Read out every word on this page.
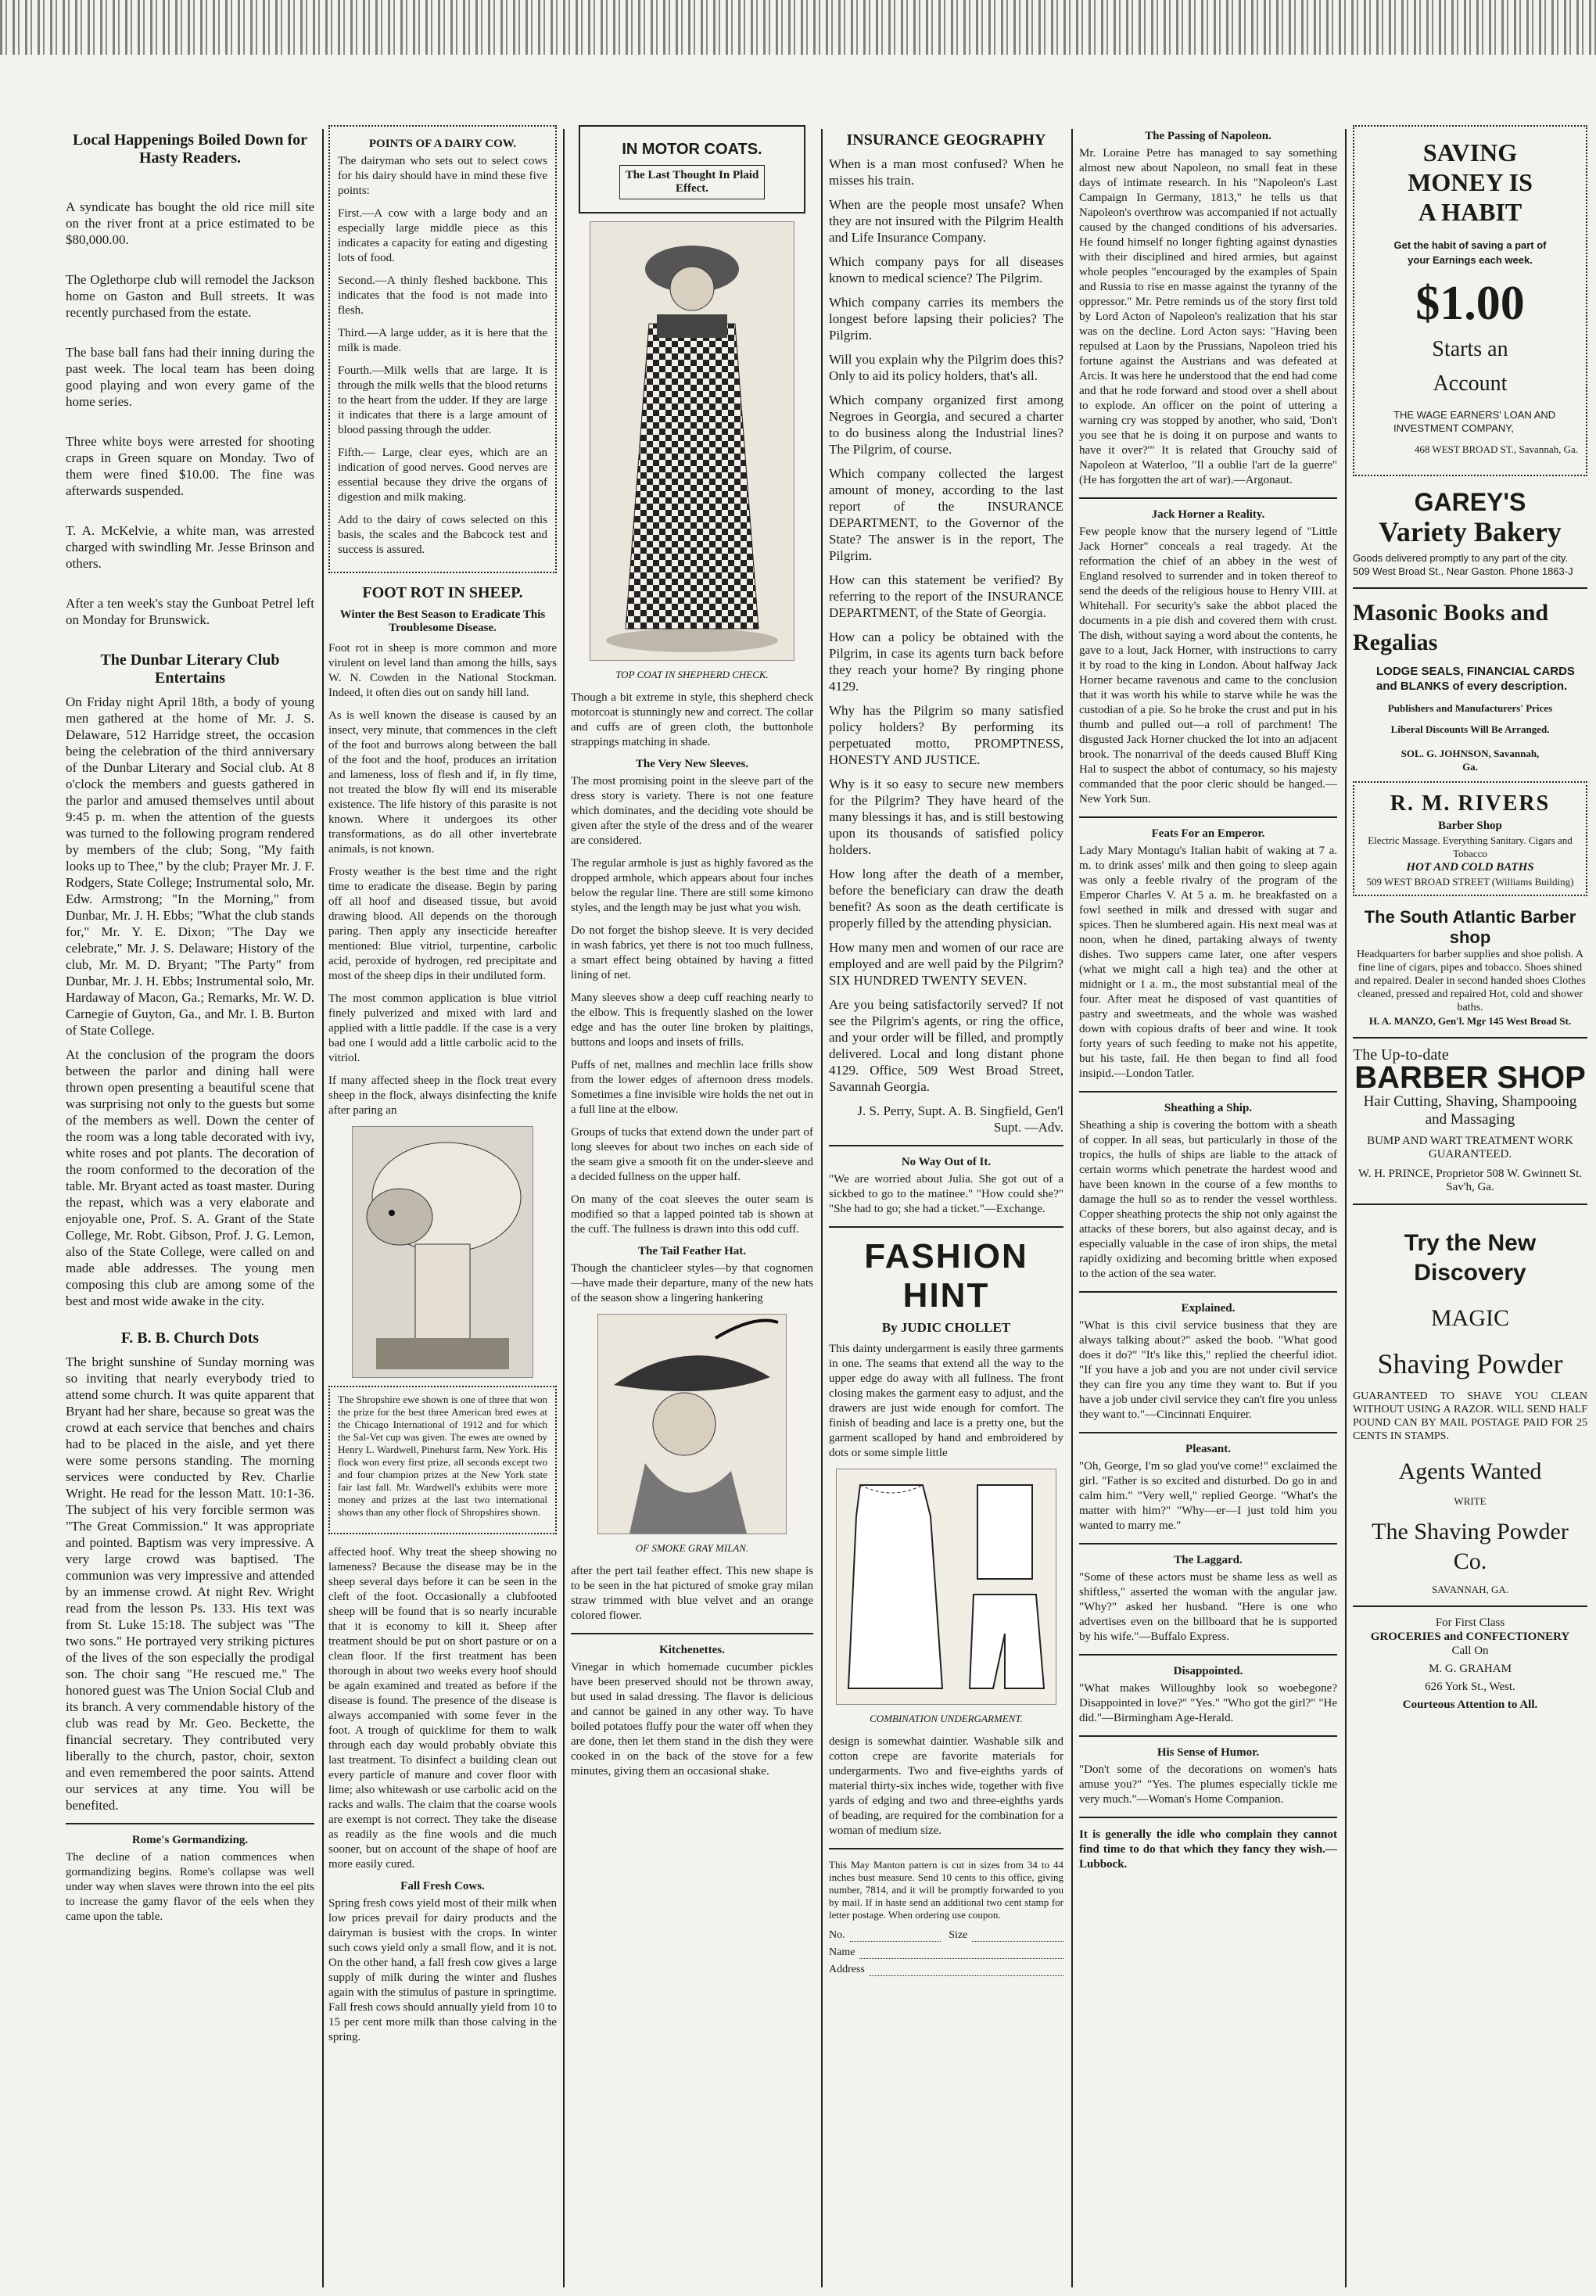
Local Happenings Boiled Down for Hasty Readers.

A syndicate has bought the old rice mill site on the river front at a price estimated to be $80,000.00.

The Oglethorpe club will remodel the Jackson home on Gaston and Bull streets. It was recently purchased from the estate.

The base ball fans had their inning during the past week. The local team has been doing good playing and won every game of the home series.

Three white boys were arrested for shooting craps in Green square on Monday. Two of them were fined $10.00. The fine was afterwards suspended.

T. A. McKelvie, a white man, was arrested charged with swindling Mr. Jesse Brinson and others.

After a ten week's stay the Gunboat Petrel left on Monday for Brunswick.

The Dunbar Literary Club Entertains

On Friday night April 18th, a body of young men gathered at the home of Mr. J. S. Delaware, 512 Harridge street, the occasion being the celebration of the third anniversary of the Dunbar Literary and Social club. At 8 o'clock the members and guests gathered in the parlor and amused themselves until about 9:45 p. m. when the attention of the guests was turned to the following program rendered by members of the club; Song, "My faith looks up to Thee," by the club; Prayer Mr. J. F. Rodgers, State College; Instrumental solo, Mr. Edw. Armstrong; "In the Morning," from Dunbar, Mr. J. H. Ebbs; "What the club stands for," Mr. Y. E. Dixon; "The Day we celebrate," Mr. J. S. Delaware; History of the club, Mr. M. D. Bryant; "The Party" from Dunbar, Mr. J. H. Ebbs; Instrumental solo, Mr. Hardaway of Macon, Ga.; Remarks, Mr. W. D. Carnegie of Guyton, Ga., and Mr. I. B. Burton of State College.

At the conclusion of the program the doors between the parlor and dining hall were thrown open presenting a beautiful scene that was surprising not only to the guests but some of the members as well. Down the center of the room was a long table decorated with ivy, white roses and pot plants. The decoration of the room conformed to the decoration of the table. Mr. Bryant acted as toast master. During the repast, which was a very elaborate and enjoyable one, Prof. S. A. Grant of the State College, Mr. Robt. Gibson, Prof. J. G. Lemon, also of the State College, were called on and made able addresses. The young men composing this club are among some of the best and most wide awake in the city.

F. B. B. Church Dots

The bright sunshine of Sunday morning was so inviting that nearly everybody tried to attend some church. It was quite apparent that Bryant had her share, because so great was the crowd at each service that benches and chairs had to be placed in the aisle, and yet there were some persons standing. The morning services were conducted by Rev. Charlie Wright. He read for the lesson Matt. 10:1-36. The subject of his very forcible sermon was "The Great Commission." It was appropriate and pointed. Baptism was very impressive. A very large crowd was baptised. The communion was very impressive and attended by an immense crowd. At night Rev. Wright read from the lesson Ps. 133. His text was from St. Luke 15:18. The subject was "The two sons." He portrayed very striking pictures of the lives of the son especially the prodigal son. The choir sang "He rescued me." The honored guest was The Union Social Club and its branch. A very commendable history of the club was read by Mr. Geo. Beckette, the financial secretary. They contributed very liberally to the church, pastor, choir, sexton and even remembered the poor saints. Attend our services at any time. You will be benefited.

Rome's Gormandizing.

The decline of a nation commences when gormandizing begins. Rome's collapse was well under way when slaves were thrown into the eel pits to increase the gamy flavor of the eels when they came upon the table.

POINTS OF A DAIRY COW.

The dairyman who sets out to select cows for his dairy should have in mind these five points:

First.—A cow with a large body and an especially large middle piece as this indicates a capacity for eating and digesting lots of food.

Second.—A thinly fleshed backbone. This indicates that the food is not made into flesh.

Third.—A large udder, as it is here that the milk is made.

Fourth.—Milk wells that are large. It is through the milk wells that the blood returns to the heart from the udder. If they are large it indicates that there is a large amount of blood passing through the udder.

Fifth.— Large, clear eyes, which are an indication of good nerves. Good nerves are essential because they drive the organs of digestion and milk making.

Add to the dairy of cows selected on this basis, the scales and the Babcock test and success is assured.

FOOT ROT IN SHEEP.
Winter the Best Season to Eradicate This Troublesome Disease.

Foot rot in sheep is more common and more virulent on level land than among the hills, says W. N. Cowden in the National Stockman. Indeed, it often dies out on sandy hill land.

As is well known the disease is caused by an insect, very minute, that commences in the cleft of the foot and burrows along between the ball of the foot and the hoof, produces an irritation and lameness, loss of flesh and if, in fly time, not treated the blow fly will end its miserable existence. The life history of this parasite is not known. Where it undergoes its other transformations, as do all other invertebrate animals, is not known.

Frosty weather is the best time and the right time to eradicate the disease. Begin by paring off all hoof and diseased tissue, but avoid drawing blood. All depends on the thorough paring. Then apply any insecticide hereafter mentioned: Blue vitriol, turpentine, carbolic acid, peroxide of hydrogen, red precipitate and most of the sheep dips in their undiluted form.

The most common application is blue vitriol finely pulverized and mixed with lard and applied with a little paddle. If the case is a very bad one I would add a little carbolic acid to the vitriol.

If many affected sheep in the flock treat every sheep in the flock, always disinfecting the knife after paring an

The Shropshire ewe shown is one of three that won the prize for the best three American bred ewes at the Chicago International of 1912 and for which the Sal-Vet cup was given. The ewes are owned by Henry L. Wardwell, Pinehurst farm, New York. His flock won every first prize, all seconds except two and four champion prizes at the New York state fair last fall. Mr. Wardwell's exhibits were more money and prizes at the last two international shows than any other flock of Shropshires shown.

affected hoof. Why treat the sheep showing no lameness? Because the disease may be in the sheep several days before it can be seen in the cleft of the foot. Occasionally a clubfooted sheep will be found that is so nearly incurable that it is economy to kill it. Sheep after treatment should be put on short pasture or on a clean floor. If the first treatment has been thorough in about two weeks every hoof should be again examined and treated as before if the disease is found. The presence of the disease is always accompanied with some fever in the foot. A trough of quicklime for them to walk through each day would probably obviate this last treatment. To disinfect a building clean out every particle of manure and cover floor with lime; also whitewash or use carbolic acid on the racks and walls. The claim that the coarse wools are exempt is not correct. They take the disease as readily as the fine wools and die much sooner, but on account of the shape of hoof are more easily cured.

Fall Fresh Cows.

Spring fresh cows yield most of their milk when low prices prevail for dairy products and the dairyman is busiest with the crops. In winter such cows yield only a small flow, and it is not. On the other hand, a fall fresh cow gives a large supply of milk during the winter and flushes again with the stimulus of pasture in springtime. Fall fresh cows should annually yield from 10 to 15 per cent more milk than those calving in the spring.

IN MOTOR COATS.
The Last Thought In Plaid Effect.
TOP COAT IN SHEPHERD CHECK.

Though a bit extreme in style, this shepherd check motorcoat is stunningly new and correct. The collar and cuffs are of green cloth, the buttonhole strappings matching in shade.

The Very New Sleeves.

The most promising point in the sleeve part of the dress story is variety. There is not one feature which dominates, and the deciding vote should be given after the style of the dress and of the wearer are considered.

The regular armhole is just as highly favored as the dropped armhole, which appears about four inches below the regular line. There are still some kimono styles, and the length may be just what you wish.

Do not forget the bishop sleeve. It is very decided in wash fabrics, yet there is not too much fullness, a smart effect being obtained by having a fitted lining of net.

Many sleeves show a deep cuff reaching nearly to the elbow. This is frequently slashed on the lower edge and has the outer line broken by plaitings, buttons and loops and insets of frills.

Puffs of net, mallnes and mechlin lace frills show from the lower edges of afternoon dress models. Sometimes a fine invisible wire holds the net out in a full line at the elbow.

Groups of tucks that extend down the under part of long sleeves for about two inches on each side of the seam give a smooth fit on the under-sleeve and a decided fullness on the upper half.

On many of the coat sleeves the outer seam is modified so that a lapped pointed tab is shown at the cuff. The fullness is drawn into this odd cuff.

The Tail Feather Hat.

Though the chanticleer styles—by that cognomen—have made their departure, many of the new hats of the season show a lingering hankering

OF SMOKE GRAY MILAN.

after the pert tail feather effect. This new shape is to be seen in the hat pictured of smoke gray milan straw trimmed with blue velvet and an orange colored flower.

Kitchenettes.

Vinegar in which homemade cucumber pickles have been preserved should not be thrown away, but used in salad dressing. The flavor is delicious and cannot be gained in any other way. To have boiled potatoes fluffy pour the water off when they are done, then let them stand in the dish they were cooked in on the back of the stove for a few minutes, giving them an occasional shake.

INSURANCE GEOGRAPHY

When is a man most confused? When he misses his train.

When are the people most unsafe? When they are not insured with the Pilgrim Health and Life Insurance Company.

Which company pays for all diseases known to medical science? The Pilgrim.

Which company carries its members the longest before lapsing their policies? The Pilgrim.

Will you explain why the Pilgrim does this? Only to aid its policy holders, that's all.

Which company organized first among Negroes in Georgia, and secured a charter to do business along the Industrial lines? The Pilgrim, of course.

Which company collected the largest amount of money, according to the last report of the INSURANCE DEPARTMENT, to the Governor of the State? The answer is in the report, The Pilgrim.

How can this statement be verified? By referring to the report of the INSURANCE DEPARTMENT, of the State of Georgia.

How can a policy be obtained with the Pilgrim, in case its agents turn back before they reach your home? By ringing phone 4129.

Why has the Pilgrim so many satisfied policy holders? By performing its perpetuated motto, PROMPTNESS, HONESTY AND JUSTICE.

Why is it so easy to secure new members for the Pilgrim? They have heard of the many blessings it has, and is still bestowing upon its thousands of satisfied policy holders.

How long after the death of a member, before the beneficiary can draw the death benefit? As soon as the death certificate is properly filled by the attending physician.

How many men and women of our race are employed and are well paid by the Pilgrim? SIX HUNDRED TWENTY SEVEN.

Are you being satisfactorily served? If not see the Pilgrim's agents, or ring the office, and your order will be filled, and promptly delivered. Local and long distant phone 4129. Office, 509 West Broad Street, Savannah Georgia.

J. S. Perry, Supt. A. B. Singfield, Gen'l Supt. —Adv.

No Way Out of It.

"We are worried about Julia. She got out of a sickbed to go to the matinee." "How could she?" "She had to go; she had a ticket."—Exchange.

FASHION HINT
By JUDIC CHOLLET

This dainty undergarment is easily three garments in one. The seams that extend all the way to the upper edge do away with all fullness. The front closing makes the garment easy to adjust, and the drawers are just wide enough for comfort. The finish of beading and lace is a pretty one, but the garment scalloped by hand and embroidered by dots or some simple little

COMBINATION UNDERGARMENT.

design is somewhat daintier. Washable silk and cotton crepe are favorite materials for undergarments. Two and five-eighths yards of material thirty-six inches wide, together with five yards of edging and two and three-eighths yards of beading, are required for the combination for a woman of medium size.

This May Manton pattern is cut in sizes from 34 to 44 inches bust measure. Send 10 cents to this office, giving number, 7814, and it will be promptly forwarded to you by mail. If in haste send an additional two cent stamp for letter postage. When ordering use coupon.

No.	Size
Name
Address
The Passing of Napoleon.

Mr. Loraine Petre has managed to say something almost new about Napoleon, no small feat in these days of intimate research. In his "Napoleon's Last Campaign In Germany, 1813," he tells us that Napoleon's overthrow was accompanied if not actually caused by the changed conditions of his adversaries. He found himself no longer fighting against dynasties with their disciplined and hired armies, but against whole peoples "encouraged by the examples of Spain and Russia to rise en masse against the tyranny of the oppressor." Mr. Petre reminds us of the story first told by Lord Acton of Napoleon's realization that his star was on the decline. Lord Acton says: "Having been repulsed at Laon by the Prussians, Napoleon tried his fortune against the Austrians and was defeated at Arcis. It was here he understood that the end had come and that he rode forward and stood over a shell about to explode. An officer on the point of uttering a warning cry was stopped by another, who said, 'Don't you see that he is doing it on purpose and wants to have it over?'" It is related that Grouchy said of Napoleon at Waterloo, "Il a oublie l'art de la guerre" (He has forgotten the art of war).—Argonaut.

Jack Horner a Reality.

Few people know that the nursery legend of "Little Jack Horner" conceals a real tragedy. At the reformation the chief of an abbey in the west of England resolved to surrender and in token thereof to send the deeds of the religious house to Henry VIII. at Whitehall. For security's sake the abbot placed the documents in a pie dish and covered them with crust. The dish, without saying a word about the contents, he gave to a lout, Jack Horner, with instructions to carry it by road to the king in London. About halfway Jack Horner became ravenous and came to the conclusion that it was worth his while to starve while he was the custodian of a pie. So he broke the crust and put in his thumb and pulled out—a roll of parchment! The disgusted Jack Horner chucked the lot into an adjacent brook. The nonarrival of the deeds caused Bluff King Hal to suspect the abbot of contumacy, so his majesty commanded that the poor cleric should be hanged.—New York Sun.

Feats For an Emperor.

Lady Mary Montagu's Italian habit of waking at 7 a. m. to drink asses' milk and then going to sleep again was only a feeble rivalry of the program of the Emperor Charles V. At 5 a. m. he breakfasted on a fowl seethed in milk and dressed with sugar and spices. Then he slumbered again. His next meal was at noon, when he dined, partaking always of twenty dishes. Two suppers came later, one after vespers (what we might call a high tea) and the other at midnight or 1 a. m., the most substantial meal of the four. After meat he disposed of vast quantities of pastry and sweetmeats, and the whole was washed down with copious drafts of beer and wine. It took forty years of such feeding to make not his appetite, but his taste, fail. He then began to find all food insipid.—London Tatler.

Sheathing a Ship.

Sheathing a ship is covering the bottom with a sheath of copper. In all seas, but particularly in those of the tropics, the hulls of ships are liable to the attack of certain worms which penetrate the hardest wood and have been known in the course of a few months to damage the hull so as to render the vessel worthless. Copper sheathing protects the ship not only against the attacks of these borers, but also against decay, and is especially valuable in the case of iron ships, the metal rapidly oxidizing and becoming brittle when exposed to the action of the sea water.

Explained.

"What is this civil service business that they are always talking about?" asked the boob. "What good does it do?" "It's like this," replied the cheerful idiot. "If you have a job and you are not under civil service they can fire you any time they want to. But if you have a job under civil service they can't fire you unless they want to."—Cincinnati Enquirer.

Pleasant.

"Oh, George, I'm so glad you've come!" exclaimed the girl. "Father is so excited and disturbed. Do go in and calm him." "Very well," replied George. "What's the matter with him?" "Why—er—I just told him you wanted to marry me."

The Laggard.

"Some of these actors must be shame less as well as shiftless," asserted the woman with the angular jaw. "Why?" asked her husband. "Here is one who advertises even on the billboard that he is supported by his wife."—Buffalo Express.

Disappointed.

"What makes Willoughby look so woebegone? Disappointed in love?" "Yes." "Who got the girl?" "He did."—Birmingham Age-Herald.

His Sense of Humor.

"Don't some of the decorations on women's hats amuse you?" "Yes. The plumes especially tickle me very much."—Woman's Home Companion.

It is generally the idle who complain they cannot find time to do that which they fancy they wish.—Lubbock.

SAVING
MONEY IS
A HABIT
Get the habit of saving a part of your Earnings each week.
$1.00
Starts an
Account
THE WAGE EARNERS' LOAN AND INVESTMENT COMPANY,
468 WEST BROAD ST., Savannah, Ga.
GAREY'S
Variety Bakery
Goods delivered promptly to any part of the city. 509 West Broad St., Near Gaston. Phone 1863-J
Masonic Books and Regalias
LODGE SEALS, FINANCIAL CARDS and BLANKS of every description.
Publishers and Manufacturers' Prices
Liberal Discounts Will Be Arranged.
SOL. G. JOHNSON, Savannah, Ga.
R. M. RIVERS
Barber Shop
Electric Massage. Everything Sanitary. Cigars and Tobacco
HOT AND COLD BATHS
509 WEST BROAD STREET (Williams Building)
The South Atlantic Barber shop
Headquarters for barber supplies and shoe polish. A fine line of cigars, pipes and tobacco. Shoes shined and repaired. Dealer in second handed shoes Clothes cleaned, pressed and repaired Hot, cold and shower baths.
H. A. MANZO, Gen'l. Mgr 145 West Broad St.
The Up-to-date
BARBER SHOP
Hair Cutting, Shaving, Shampooing and Massaging
BUMP AND WART TREATMENT WORK GUARANTEED.
W. H. PRINCE, Proprietor 508 W. Gwinnett St. Sav'h, Ga.
Try the New Discovery
MAGIC
Shaving Powder
GUARANTEED TO SHAVE YOU CLEAN WITHOUT USING A RAZOR. WILL SEND HALF POUND CAN BY MAIL POSTAGE PAID FOR 25 CENTS IN STAMPS.
Agents Wanted
WRITE
The Shaving Powder Co.
SAVANNAH, GA.
For First Class
GROCERIES and CONFECTIONERY
Call On
M. G. GRAHAM
626 York St., West.
Courteous Attention to All.
